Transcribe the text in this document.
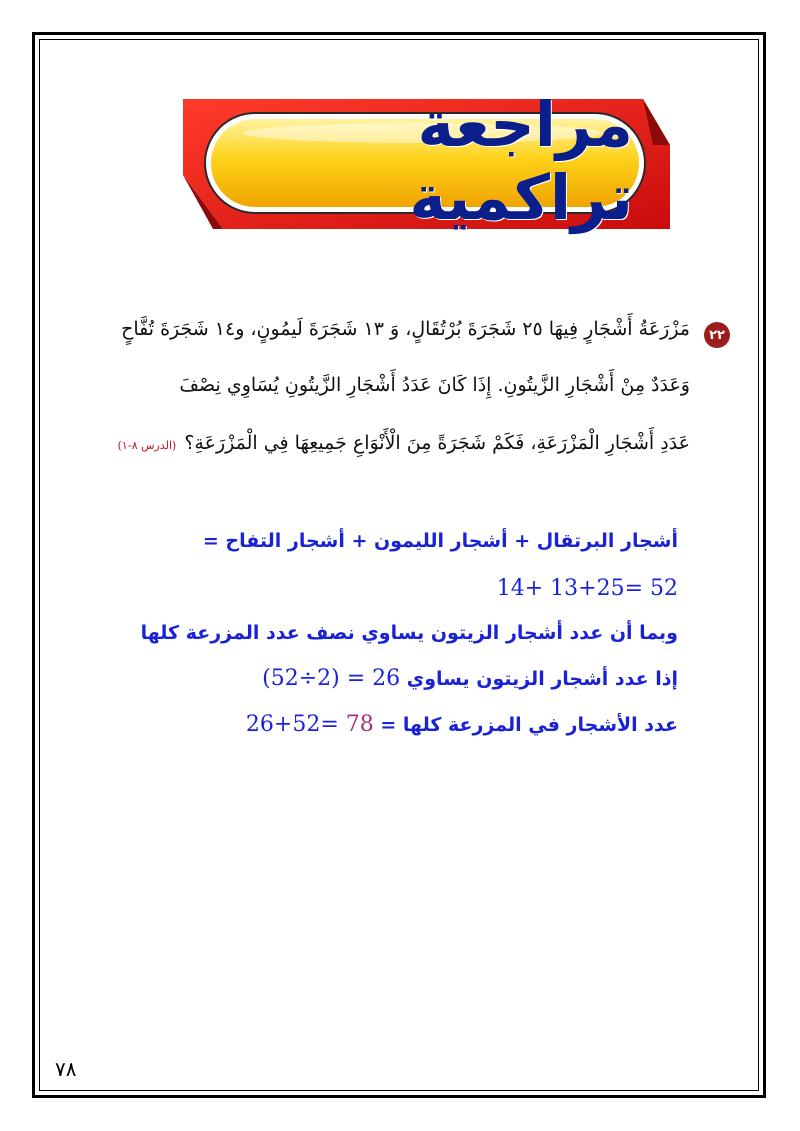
مراجعة تراكمية
٢٢
مَزْرَعَةُ أَشْجَارٍ فِيهَا ٢٥ شَجَرَةَ بُرْتُقَالٍ، وَ ١٣ شَجَرَةَ لَيمُونٍ، و١٤ شَجَرَةَ تُفَّاحٍ
وَعَدَدٌ مِنْ أَشْجَارِ الزَّيتُونِ. إِذَا كَانَ عَدَدُ أَشْجَارِ الزَّيتُونِ يُسَاوِي نِصْفَ
عَدَدِ أَشْجَارِ الْمَزْرَعَةِ، فَكَمْ شَجَرَةً مِنَ الْأَنْوَاعِ جَمِيعِهَا فِي الْمَزْرَعَةِ؟(الدرس ٨-١)
أشجار البرتقال + أشجار الليمون + أشجار التفاح =
14+ 13+25= 52
وبما أن عدد أشجار الزيتون يساوي نصف عدد المزرعة كلها
إذا عدد أشجار الزيتون يساوي (52÷2) = 26
عدد الأشجار في المزرعة كلها = 26+52= 78
٧٨
